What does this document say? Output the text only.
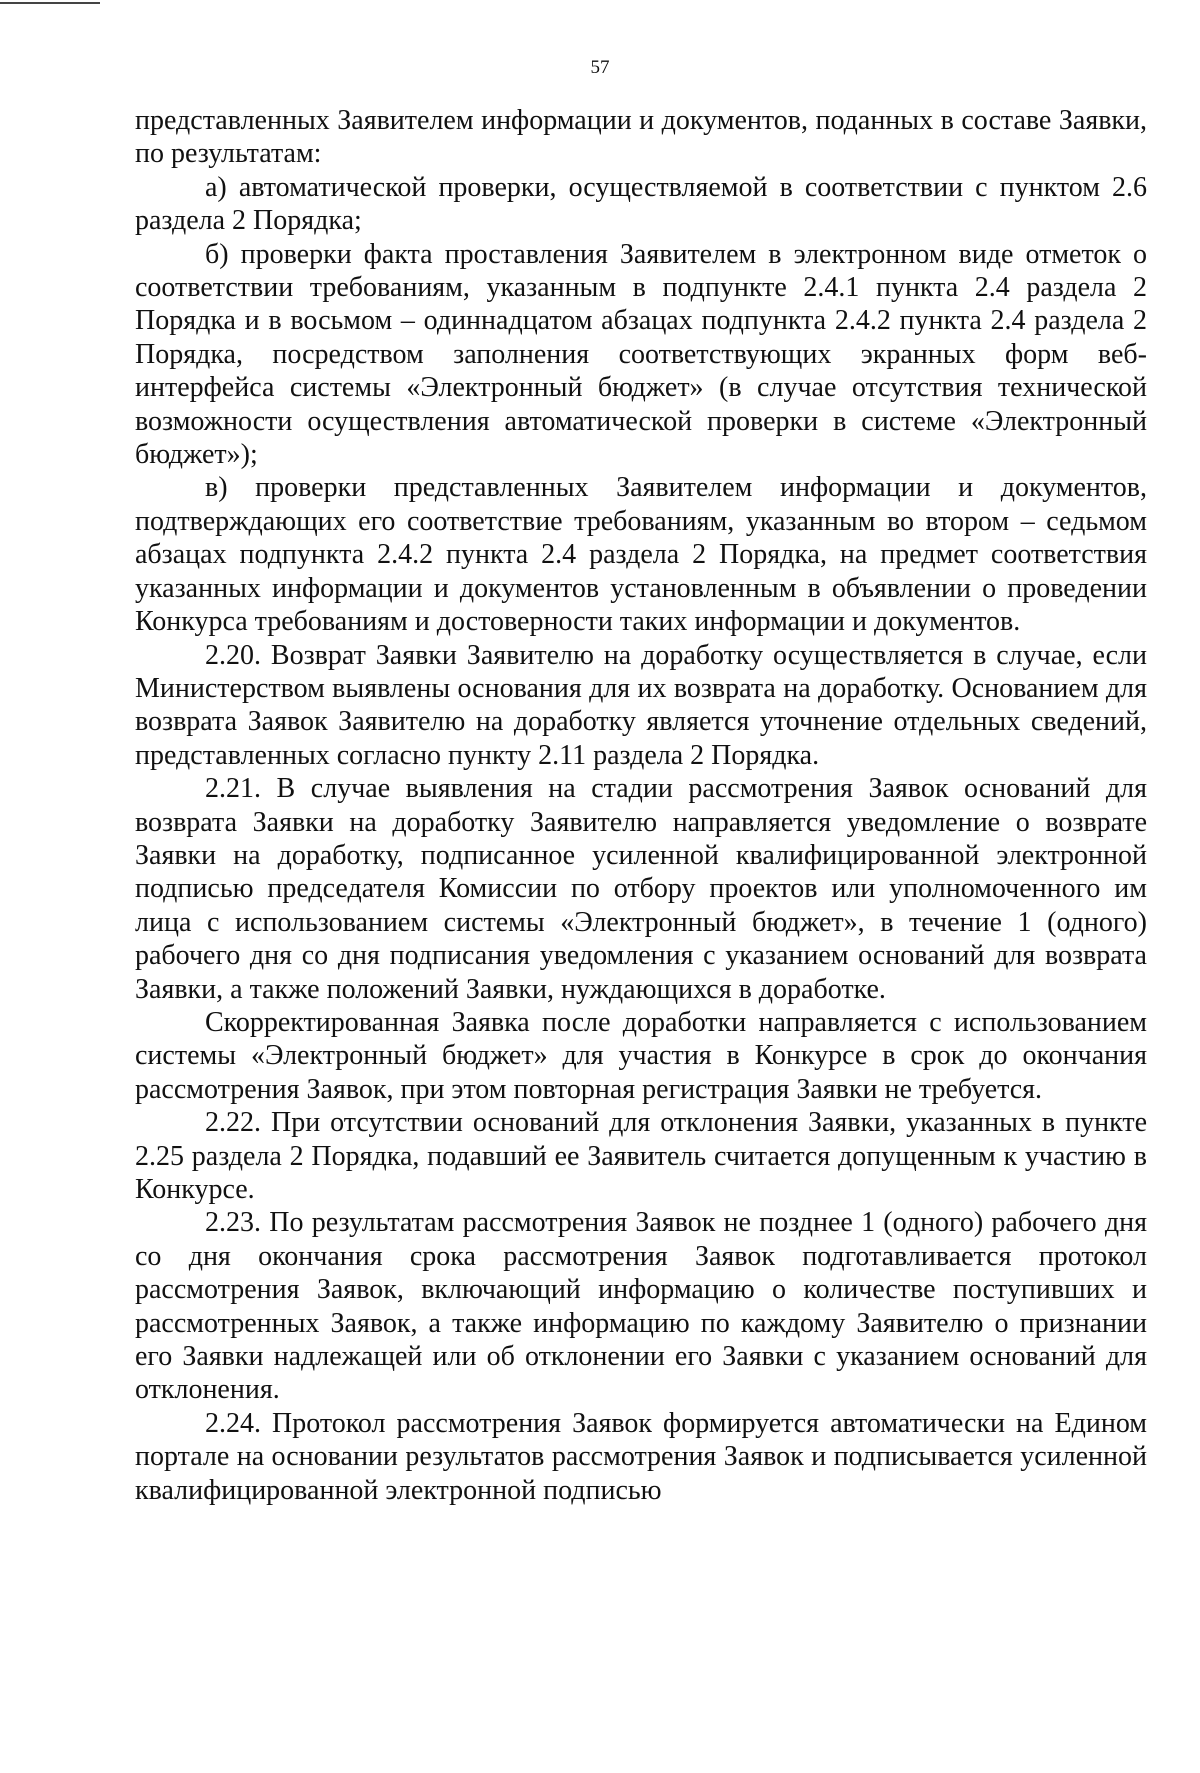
57

представленных Заявителем информации и документов, поданных в составе Заявки, по результатам:

а) автоматической проверки, осуществляемой в соответствии с пунктом 2.6 раздела 2 Порядка;

б) проверки факта проставления Заявителем в электронном виде отметок о соответствии требованиям, указанным в подпункте 2.4.1 пункта 2.4 раздела 2 Порядка и в восьмом – одиннадцатом абзацах подпункта 2.4.2 пункта 2.4 раздела 2 Порядка, посредством заполнения соответствующих экранных форм веб-интерфейса системы «Электронный бюджет» (в случае отсутствия технической возможности осуществления автоматической проверки в системе «Электронный бюджет»);

в) проверки представленных Заявителем информации и документов, подтверждающих его соответствие требованиям, указанным во втором – седьмом абзацах подпункта 2.4.2 пункта 2.4 раздела 2 Порядка, на предмет соответствия указанных информации и документов установленным в объявлении о проведении Конкурса требованиям и достоверности таких информации и документов.

2.20. Возврат Заявки Заявителю на доработку осуществляется в случае, если Министерством выявлены основания для их возврата на доработку. Основанием для возврата Заявок Заявителю на доработку является уточнение отдельных сведений, представленных согласно пункту 2.11 раздела 2 Порядка.

2.21. В случае выявления на стадии рассмотрения Заявок оснований для возврата Заявки на доработку Заявителю направляется уведомление о возврате Заявки на доработку, подписанное усиленной квалифицированной электронной подписью председателя Комиссии по отбору проектов или уполномоченного им лица с использованием системы «Электронный бюджет», в течение 1 (одного) рабочего дня со дня подписания уведомления с указанием оснований для возврата Заявки, а также положений Заявки, нуждающихся в доработке.

Скорректированная Заявка после доработки направляется с использованием системы «Электронный бюджет» для участия в Конкурсе в срок до окончания рассмотрения Заявок, при этом повторная регистрация Заявки не требуется.

2.22. При отсутствии оснований для отклонения Заявки, указанных в пункте 2.25 раздела 2 Порядка, подавший ее Заявитель считается допущенным к участию в Конкурсе.

2.23. По результатам рассмотрения Заявок не позднее 1 (одного) рабочего дня со дня окончания срока рассмотрения Заявок подготавливается протокол рассмотрения Заявок, включающий информацию о количестве поступивших и рассмотренных Заявок, а также информацию по каждому Заявителю о признании его Заявки надлежащей или об отклонении его Заявки с указанием оснований для отклонения.

2.24. Протокол рассмотрения Заявок формируется автоматически на Едином портале на основании результатов рассмотрения Заявок и подписывается усиленной квалифицированной электронной подписью
